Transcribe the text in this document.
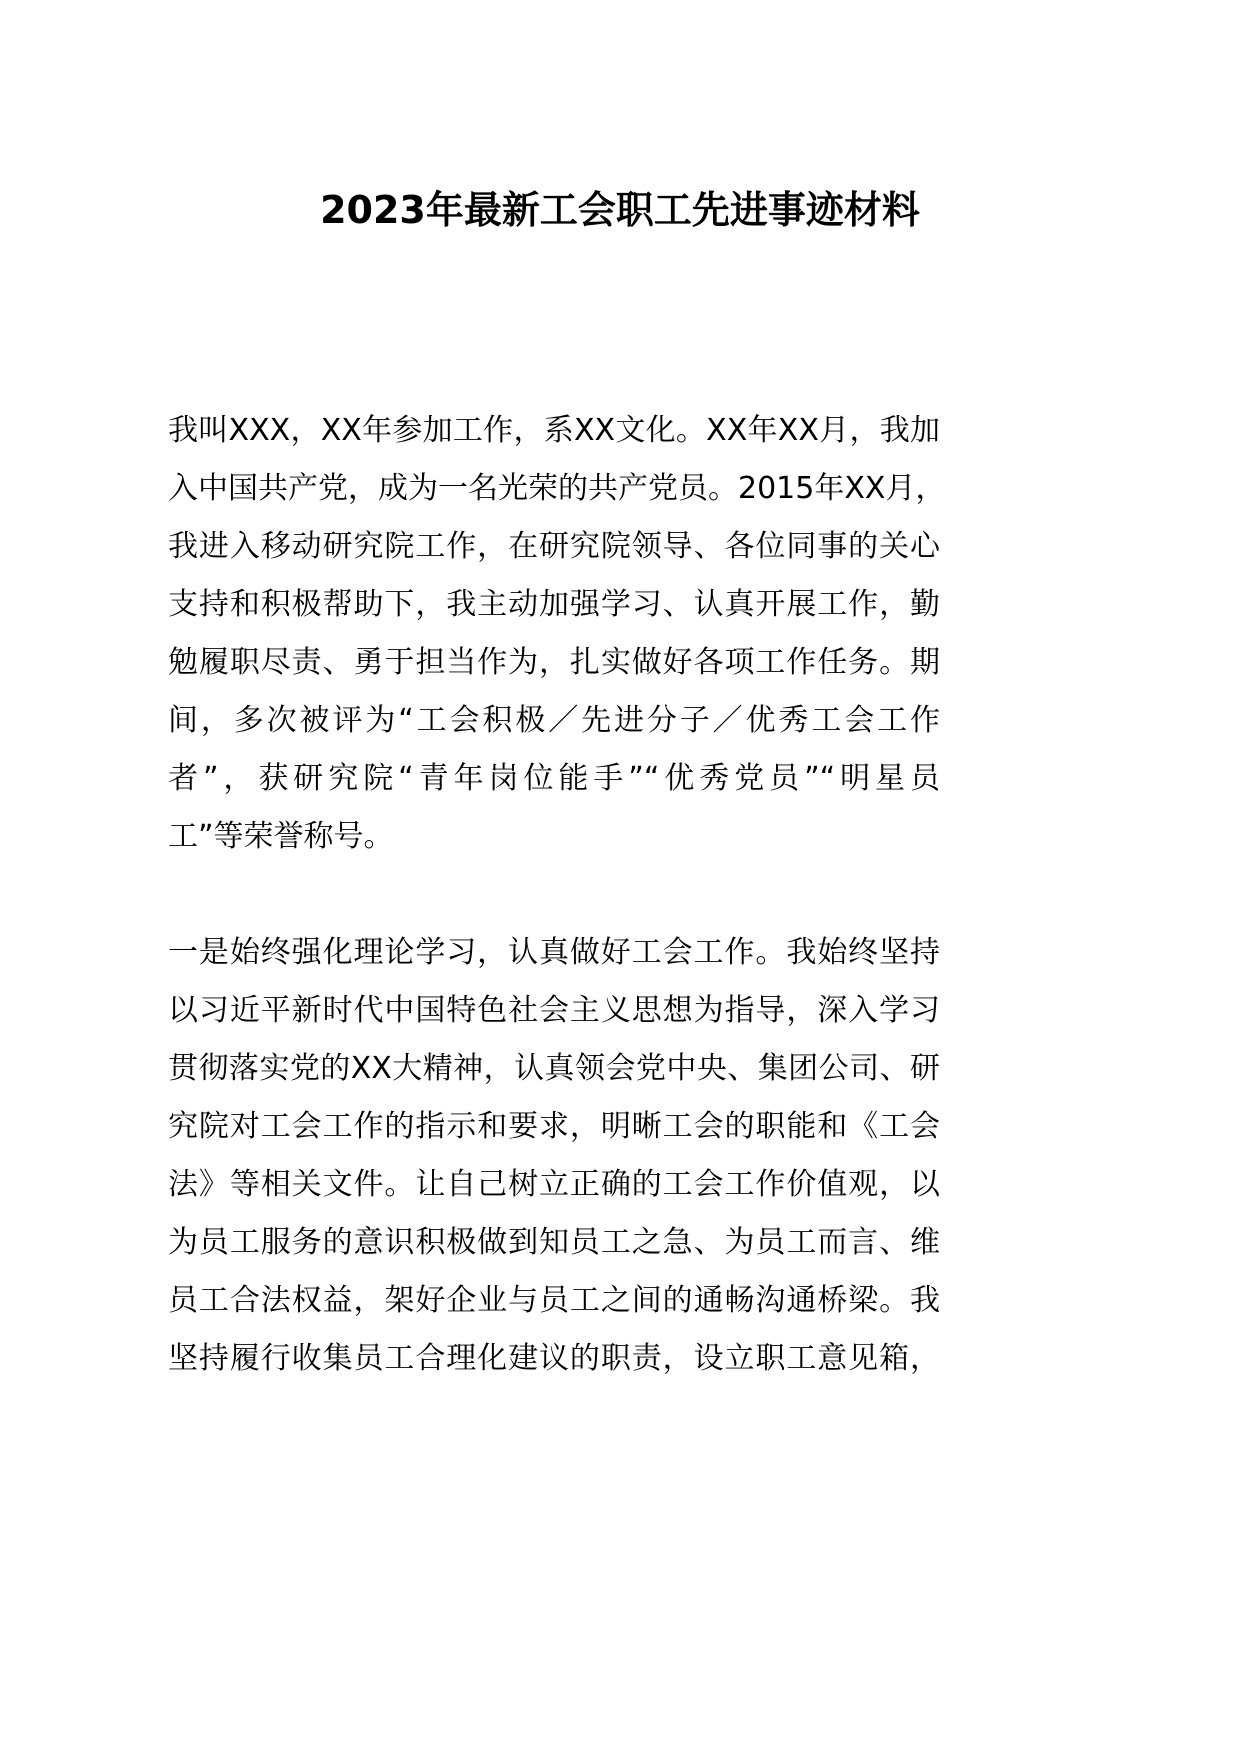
2023年最新工会职工先进事迹材料
我叫XXX，XX年参加工作，系XX文化。XX年XX月，我加
入中国共产党，成为一名光荣的共产党员。2015年XX月，
我进入移动研究院工作，在研究院领导、各位同事的关心
支持和积极帮助下，我主动加强学习、认真开展工作，勤
勉履职尽责、勇于担当作为，扎实做好各项工作任务。期
间，多次被评为“工会积极／先进分子／优秀工会工作
者”，获研究院“青年岗位能手”“优秀党员”“明星员
工”等荣誉称号。
一是始终强化理论学习，认真做好工会工作。我始终坚持
以习近平新时代中国特色社会主义思想为指导，深入学习
贯彻落实党的XX大精神，认真领会党中央、集团公司、研
究院对工会工作的指示和要求，明晰工会的职能和《工会
法》等相关文件。让自己树立正确的工会工作价值观，以
为员工服务的意识积极做到知员工之急、为员工而言、维
员工合法权益，架好企业与员工之间的通畅沟通桥梁。我
坚持履行收集员工合理化建议的职责，设立职工意见箱，
